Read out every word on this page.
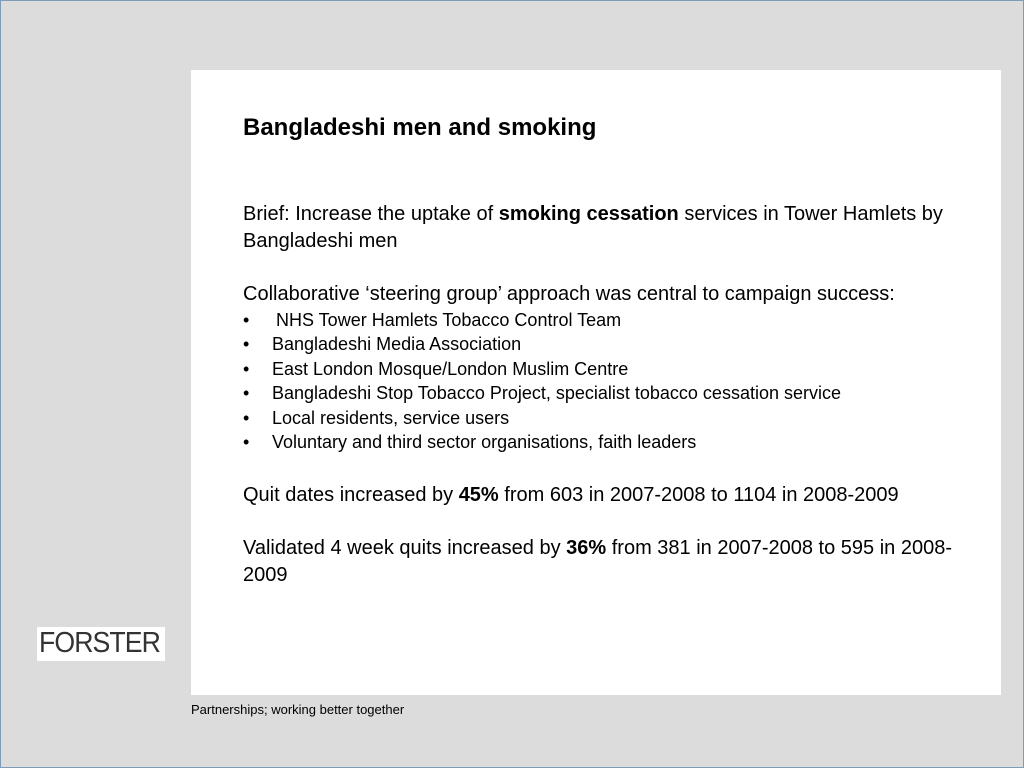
Bangladeshi men and smoking

Brief: Increase the uptake of smoking cessation services in Tower Hamlets by Bangladeshi men

Collaborative ‘steering group’ approach was central to campaign success:

• NHS Tower Hamlets Tobacco Control Team
• Bangladeshi Media Association
• East London Mosque/London Muslim Centre
• Bangladeshi Stop Tobacco Project, specialist tobacco cessation service
• Local residents, service users
• Voluntary and third sector organisations, faith leaders

Quit dates increased by 45% from 603 in 2007-2008 to 1104 in 2008-2009

Validated 4 week quits increased by 36% from 381 in 2007-2008 to 595 in 2008-2009

FORSTER
Partnerships; working better together
